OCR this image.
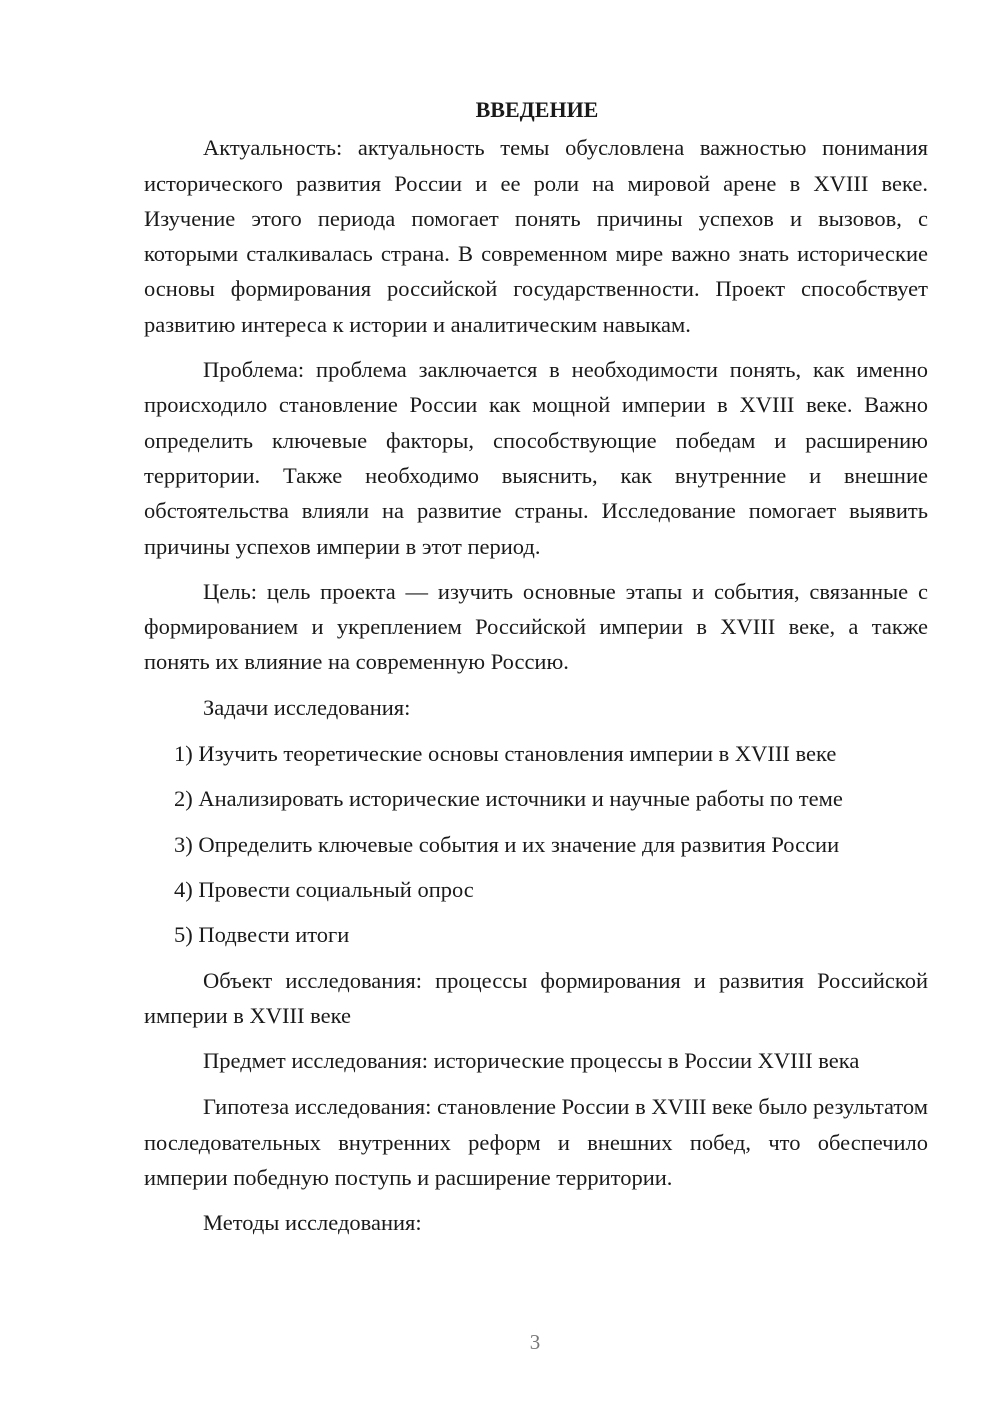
ВВЕДЕНИЕ

Актуальность: актуальность темы обусловлена важностью понимания исторического развития России и ее роли на мировой арене в XVIII веке. Изучение этого периода помогает понять причины успехов и вызовов, с которыми сталкивалась страна. В современном мире важно знать исторические основы формирования российской государственности. Проект способствует развитию интереса к истории и аналитическим навыкам.

Проблема: проблема заключается в необходимости понять, как именно происходило становление России как мощной империи в XVIII веке. Важно определить ключевые факторы, способствующие победам и расширению территории. Также необходимо выяснить, как внутренние и внешние обстоятельства влияли на развитие страны. Исследование помогает выявить причины успехов империи в этот период.

Цель: цель проекта — изучить основные этапы и события, связанные с формированием и укреплением Российской империи в XVIII веке, а также понять их влияние на современную Россию.

Задачи исследования:

1) Изучить теоретические основы становления империи в XVIII веке
2) Анализировать исторические источники и научные работы по теме
3) Определить ключевые события и их значение для развития России
4) Провести социальный опрос
5) Подвести итоги

Объект исследования: процессы формирования и развития Российской империи в XVIII веке

Предмет исследования: исторические процессы в России XVIII века

Гипотеза исследования: становление России в XVIII веке было результатом последовательных внутренних реформ и внешних побед, что обеспечило империи победную поступь и расширение территории.

Методы исследования:

3
